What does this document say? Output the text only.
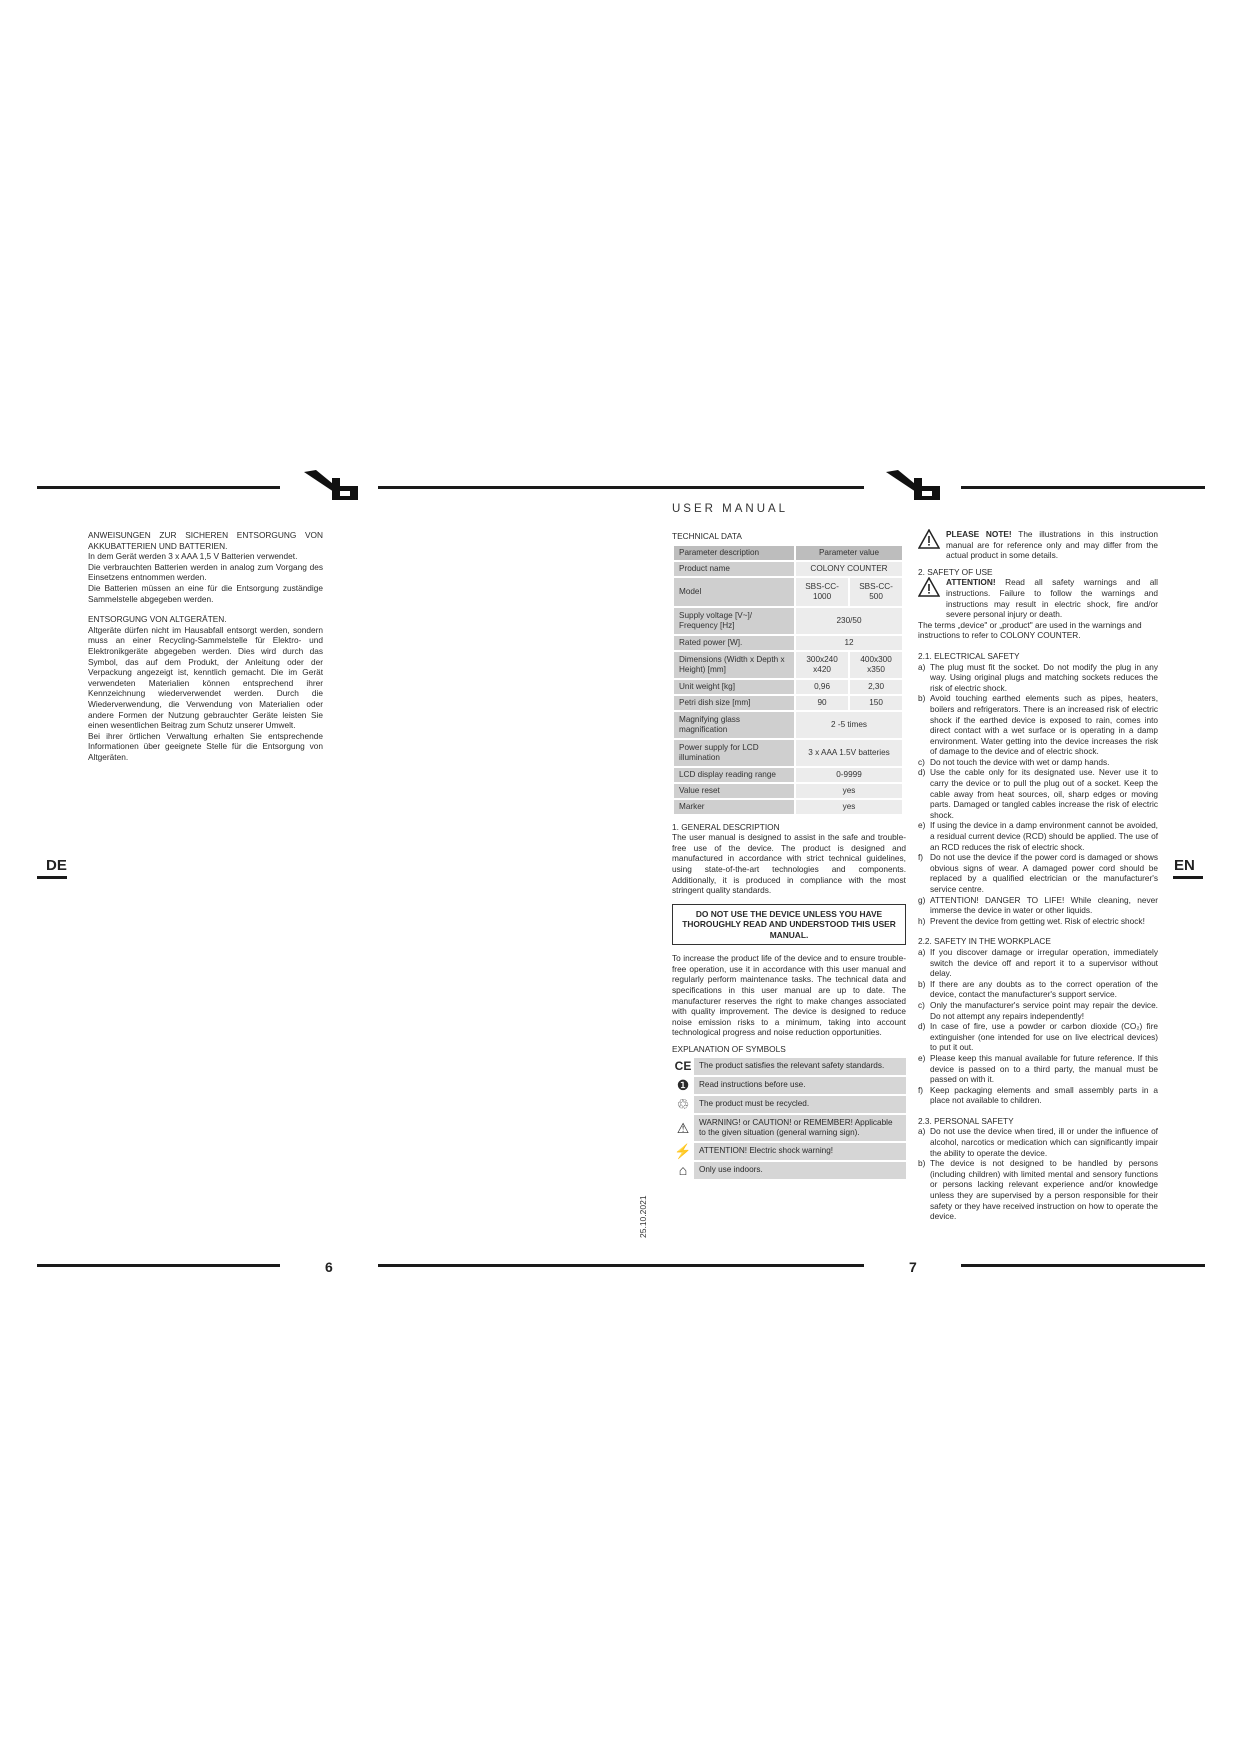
6	7
DE	EN

ANWEISUNGEN ZUR SICHEREN ENTSORGUNG VON AKKUBATTERIEN UND BATTERIEN.

In dem Gerät werden 3 x AAA 1,5 V Batterien verwendet.

Die verbrauchten Batterien werden in analog zum Vorgang des Einsetzens entnommen werden.

Die Batterien müssen an eine für die Entsorgung zuständige Sammelstelle abgegeben werden.

ENTSORGUNG VON ALTGERÄTEN.

Altgeräte dürfen nicht im Hausabfall entsorgt werden, sondern muss an einer Recycling-Sammelstelle für Elektro- und Elektronikgeräte abgegeben werden. Dies wird durch das Symbol, das auf dem Produkt, der Anleitung oder der Verpackung angezeigt ist, kenntlich gemacht. Die im Gerät verwendeten Materialien können entsprechend ihrer Kennzeichnung wiederverwendet werden. Durch die Wiederverwendung, die Verwendung von Materialien oder andere Formen der Nutzung gebrauchter Geräte leisten Sie einen wesentlichen Beitrag zum Schutz unserer Umwelt.

Bei ihrer örtlichen Verwaltung erhalten Sie entsprechende Informationen über geeignete Stelle für die Entsorgung von Altgeräten.

USER MANUAL
25.10.2021

TECHNICAL DATA

Parameter description	Parameter value	
Product name	COLONY COUNTER	
Model	SBS-CC-1000	SBS-CC-500
Supply voltage [V~]/ Frequency [Hz]	230/50	
Rated power [W].	12	
Dimensions (Width x Depth x Height) [mm]	300x240 x420	400x300 x350
Unit weight [kg]	0,96	2,30
Petri dish size [mm]	90	150
Magnifying glass magnification	2 -5 times	
Power supply for LCD illumination	3 x AAA 1.5V batteries	
LCD display reading range	0-9999	
Value reset	yes	
Marker	yes	

1. GENERAL DESCRIPTION

The user manual is designed to assist in the safe and trouble-free use of the device. The product is designed and manufactured in accordance with strict technical guidelines, using state-of-the-art technologies and components. Additionally, it is produced in compliance with the most stringent quality standards.

DO NOT USE THE DEVICE UNLESS YOU HAVE THOROUGHLY READ AND UNDERSTOOD THIS USER MANUAL.

To increase the product life of the device and to ensure trouble-free operation, use it in accordance with this user manual and regularly perform maintenance tasks. The technical data and specifications in this user manual are up to date. The manufacturer reserves the right to make changes associated with quality improvement. The device is designed to reduce noise emission risks to a minimum, taking into account technological progress and noise reduction opportunities.

EXPLANATION OF SYMBOLS

CE The product satisfies the relevant safety standards.
❶	Read instructions before use.
♲	The product must be recycled.
⚠	WARNING! or CAUTION! or REMEMBER! Applicable to the given situation (general warning sign).
⚡ ATTENTION! Electric shock warning!
⌂	Only use indoors.

PLEASE NOTE! The illustrations in this instruction manual are for reference only and may differ from the actual product in some details.

2. SAFETY OF USE

ATTENTION! Read all safety warnings and all instructions. Failure to follow the warnings and instructions may result in electric shock, fire and/or severe personal injury or death.

The terms „device" or „product" are used in the warnings and instructions to refer to COLONY COUNTER.

2.1. ELECTRICAL SAFETY

a) The plug must fit the socket. Do not modify the plug in any way. Using original plugs and matching sockets reduces the risk of electric shock.
b) Avoid touching earthed elements such as pipes, heaters, boilers and refrigerators. There is an increased risk of electric shock if the earthed device is exposed to rain, comes into direct contact with a wet surface or is operating in a damp environment. Water getting into the device increases the risk of damage to the device and of electric shock.
c) Do not touch the device with wet or damp hands.
d) Use the cable only for its designated use. Never use it to carry the device or to pull the plug out of a socket. Keep the cable away from heat sources, oil, sharp edges or moving parts. Damaged or tangled cables increase the risk of electric shock.
e) If using the device in a damp environment cannot be avoided, a residual current device (RCD) should be applied. The use of an RCD reduces the risk of electric shock.
f) Do not use the device if the power cord is damaged or shows obvious signs of wear. A damaged power cord should be replaced by a qualified electrician or the manufacturer's service centre.
g) ATTENTION! DANGER TO LIFE! While cleaning, never immerse the device in water or other liquids.
h) Prevent the device from getting wet. Risk of electric shock!

2.2. SAFETY IN THE WORKPLACE

a) If you discover damage or irregular operation, immediately switch the device off and report it to a supervisor without delay.
b) If there are any doubts as to the correct operation of the device, contact the manufacturer's support service.
c) Only the manufacturer's service point may repair the device. Do not attempt any repairs independently!
d) In case of fire, use a powder or carbon dioxide (CO₂) fire extinguisher (one intended for use on live electrical devices) to put it out.
e) Please keep this manual available for future reference. If this device is passed on to a third party, the manual must be passed on with it.
f) Keep packaging elements and small assembly parts in a place not available to children.

2.3. PERSONAL SAFETY

a) Do not use the device when tired, ill or under the influence of alcohol, narcotics or medication which can significantly impair the ability to operate the device.
b) The device is not designed to be handled by persons (including children) with limited mental and sensory functions or persons lacking relevant experience and/or knowledge unless they are supervised by a person responsible for their safety or they have received instruction on how to operate the device.
